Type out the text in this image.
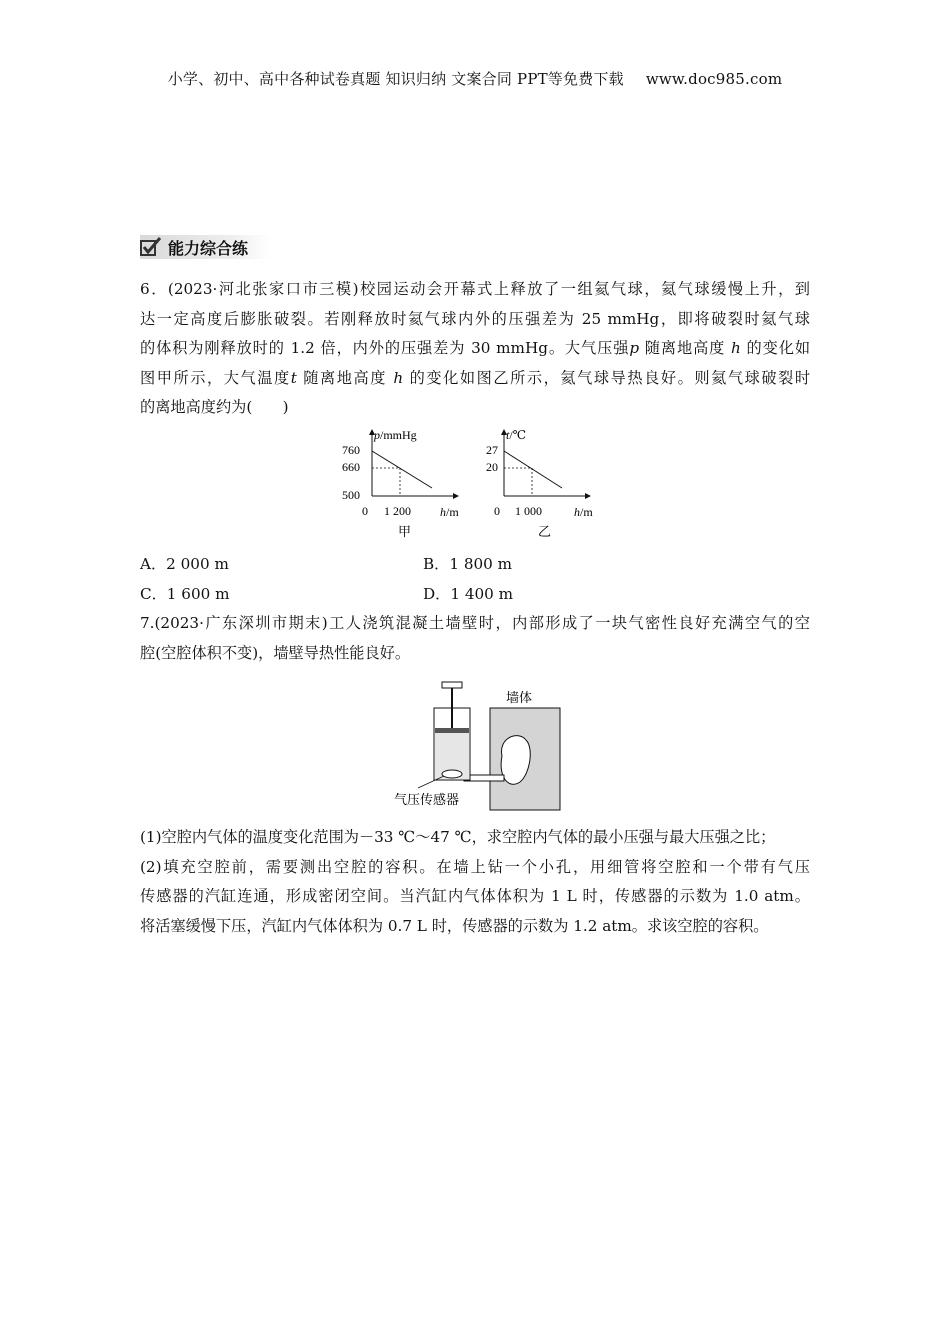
小学、初中、高中各种试卷真题 知识归纳 文案合同 PPT等免费下载 www.doc985.com
能力综合练
6．(2023·河北张家口市三模)校园运动会开幕式上释放了一组氦气球，氦气球缓慢上升，到
达一定高度后膨胀破裂。若刚释放时氦气球内外的压强差为 25 mmHg，即将破裂时氦气球
的体积为刚释放时的 1.2 倍，内外的压强差为 30 mmHg。大气压强p 随离地高度 h 的变化如
图甲所示，大气温度t 随离地高度 h 的变化如图乙所示，氦气球导热良好。则氦气球破裂时
的离地高度约为(　　)
p/mmHg
760
660
500
0 1 200 h/m
甲
t/℃
27
20
0 1 000	h/m
乙
A．2 000 m	B．1 800 m
C．1 600 m	D．1 400 m
7.(2023·广东深圳市期末)工人浇筑混凝土墙壁时，内部形成了一块气密性良好充满空气的空
腔(空腔体积不变)，墙壁导热性能良好。
墙体
气压传感器
(1)空腔内气体的温度变化范围为－33 ℃～47 ℃，求空腔内气体的最小压强与最大压强之比；
(2)填充空腔前，需要测出空腔的容积。在墙上钻一个小孔，用细管将空腔和一个带有气压
传感器的汽缸连通，形成密闭空间。当汽缸内气体体积为 1 L 时，传感器的示数为 1.0 atm。
将活塞缓慢下压，汽缸内气体体积为 0.7 L 时，传感器的示数为 1.2 atm。求该空腔的容积。
